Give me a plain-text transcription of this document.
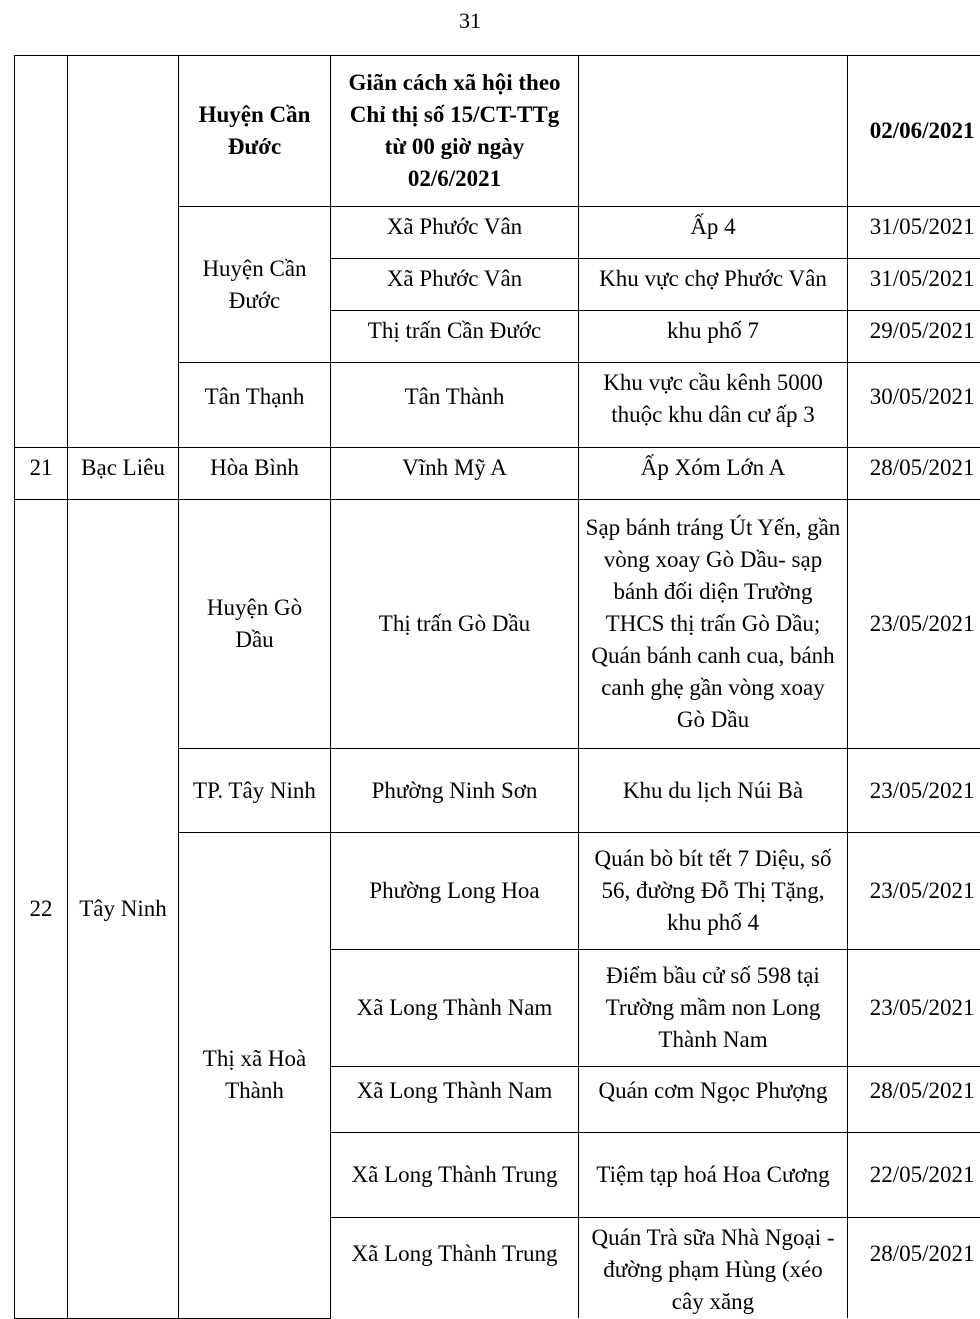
31
		Huyện Cần Đước	Giãn cách xã hội theo Chỉ thị số 15/CT-TTg từ 00 giờ ngày 02/6/2021		02/06/2021
		Huyện Cần Đước	Xã Phước Vân	Ấp 4	31/05/2021
			Xã Phước Vân	Khu vực chợ Phước Vân	31/05/2021
			Thị trấn Cần Đước	khu phố 7	29/05/2021
		Tân Thạnh	Tân Thành	Khu vực cầu kênh 5000 thuộc khu dân cư ấp 3	30/05/2021
21	Bạc Liêu	Hòa Bình	Vĩnh Mỹ A	Ấp Xóm Lớn A	28/05/2021
22	Tây Ninh	Huyện Gò Dầu	Thị trấn Gò Dầu	Sạp bánh tráng Út Yến, gần vòng xoay Gò Dầu- sạp bánh đối diện Trường THCS thị trấn Gò Dầu; Quán bánh canh cua, bánh canh ghẹ gần vòng xoay Gò Dầu	23/05/2021
		TP. Tây Ninh	Phường Ninh Sơn	Khu du lịch Núi Bà	23/05/2021
		Thị xã Hoà Thành	Phường Long Hoa	Quán bò bít tết 7 Diệu, số 56, đường Đỗ Thị Tặng, khu phố 4	23/05/2021
			Xã Long Thành Nam	Điểm bầu cử số 598 tại Trường mầm non Long Thành Nam	23/05/2021
			Xã Long Thành Nam	Quán cơm Ngọc Phượng	28/05/2021
			Xã Long Thành Trung	Tiệm tạp hoá Hoa Cương	22/05/2021
			Xã Long Thành Trung	Quán Trà sữa Nhà Ngoại - đường phạm Hùng (xéo cây xăng	28/05/2021
